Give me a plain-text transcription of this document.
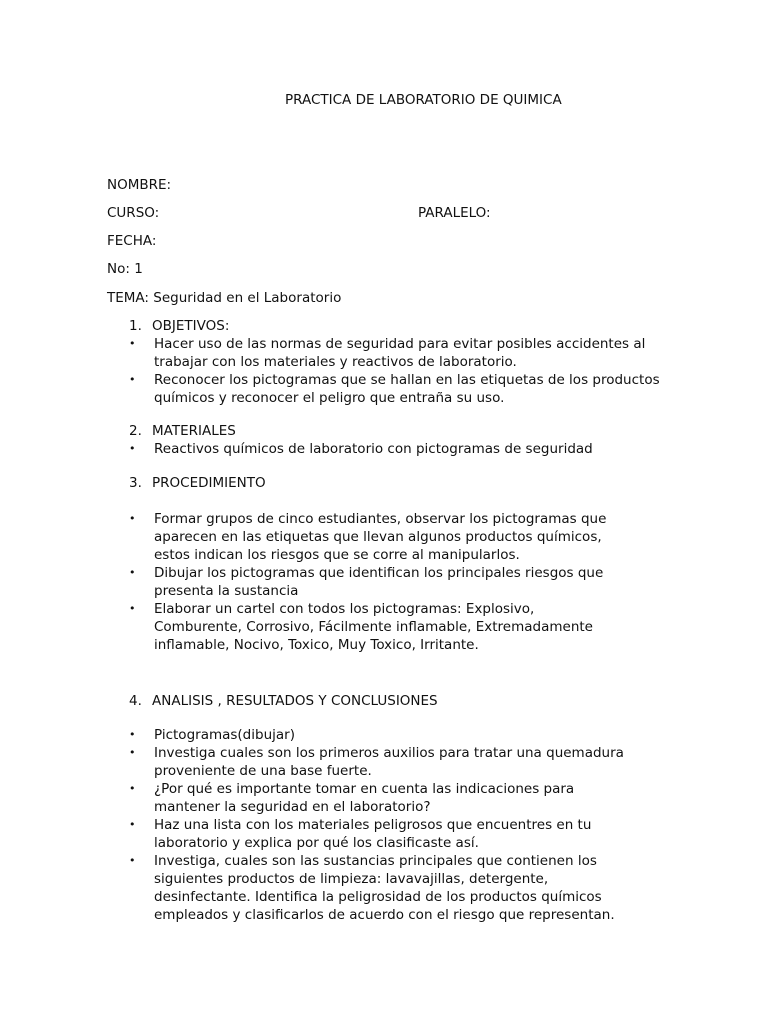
PRACTICA DE LABORATORIO DE QUIMICA
NOMBRE:
CURSO:	PARALELO:
FECHA:
No: 1
TEMA: Seguridad en el Laboratorio
1. OBJETIVOS:
•	Hacer uso de las normas de seguridad para evitar posibles accidentes al trabajar con los materiales y reactivos de laboratorio.
•	Reconocer los pictogramas que se hallan en las etiquetas de los productos químicos y reconocer el peligro que entraña su uso.
2. MATERIALES
•	Reactivos químicos de laboratorio con pictogramas de seguridad
3. PROCEDIMIENTO
•	Formar grupos de cinco estudiantes, observar los pictogramas que aparecen en las etiquetas que llevan algunos productos químicos, estos indican los riesgos que se corre al manipularlos.
•	Dibujar los pictogramas que identifican los principales riesgos que presenta la sustancia
•	Elaborar un cartel con todos los pictogramas: Explosivo, Comburente, Corrosivo, Fácilmente inflamable, Extremadamente inflamable, Nocivo, Toxico, Muy Toxico, Irritante.
4. ANALISIS , RESULTADOS Y CONCLUSIONES
•	Pictogramas(dibujar)
•	Investiga cuales son los primeros auxilios para tratar una quemadura proveniente de una base fuerte.
•	¿Por qué es importante tomar en cuenta las indicaciones para mantener la seguridad en el laboratorio?
•	Haz una lista con los materiales peligrosos que encuentres en tu laboratorio y explica por qué los clasificaste así.
•	Investiga, cuales son las sustancias principales que contienen los siguientes productos de limpieza: lavavajillas, detergente, desinfectante. Identifica la peligrosidad de los productos químicos empleados y clasificarlos de acuerdo con el riesgo que representan.
